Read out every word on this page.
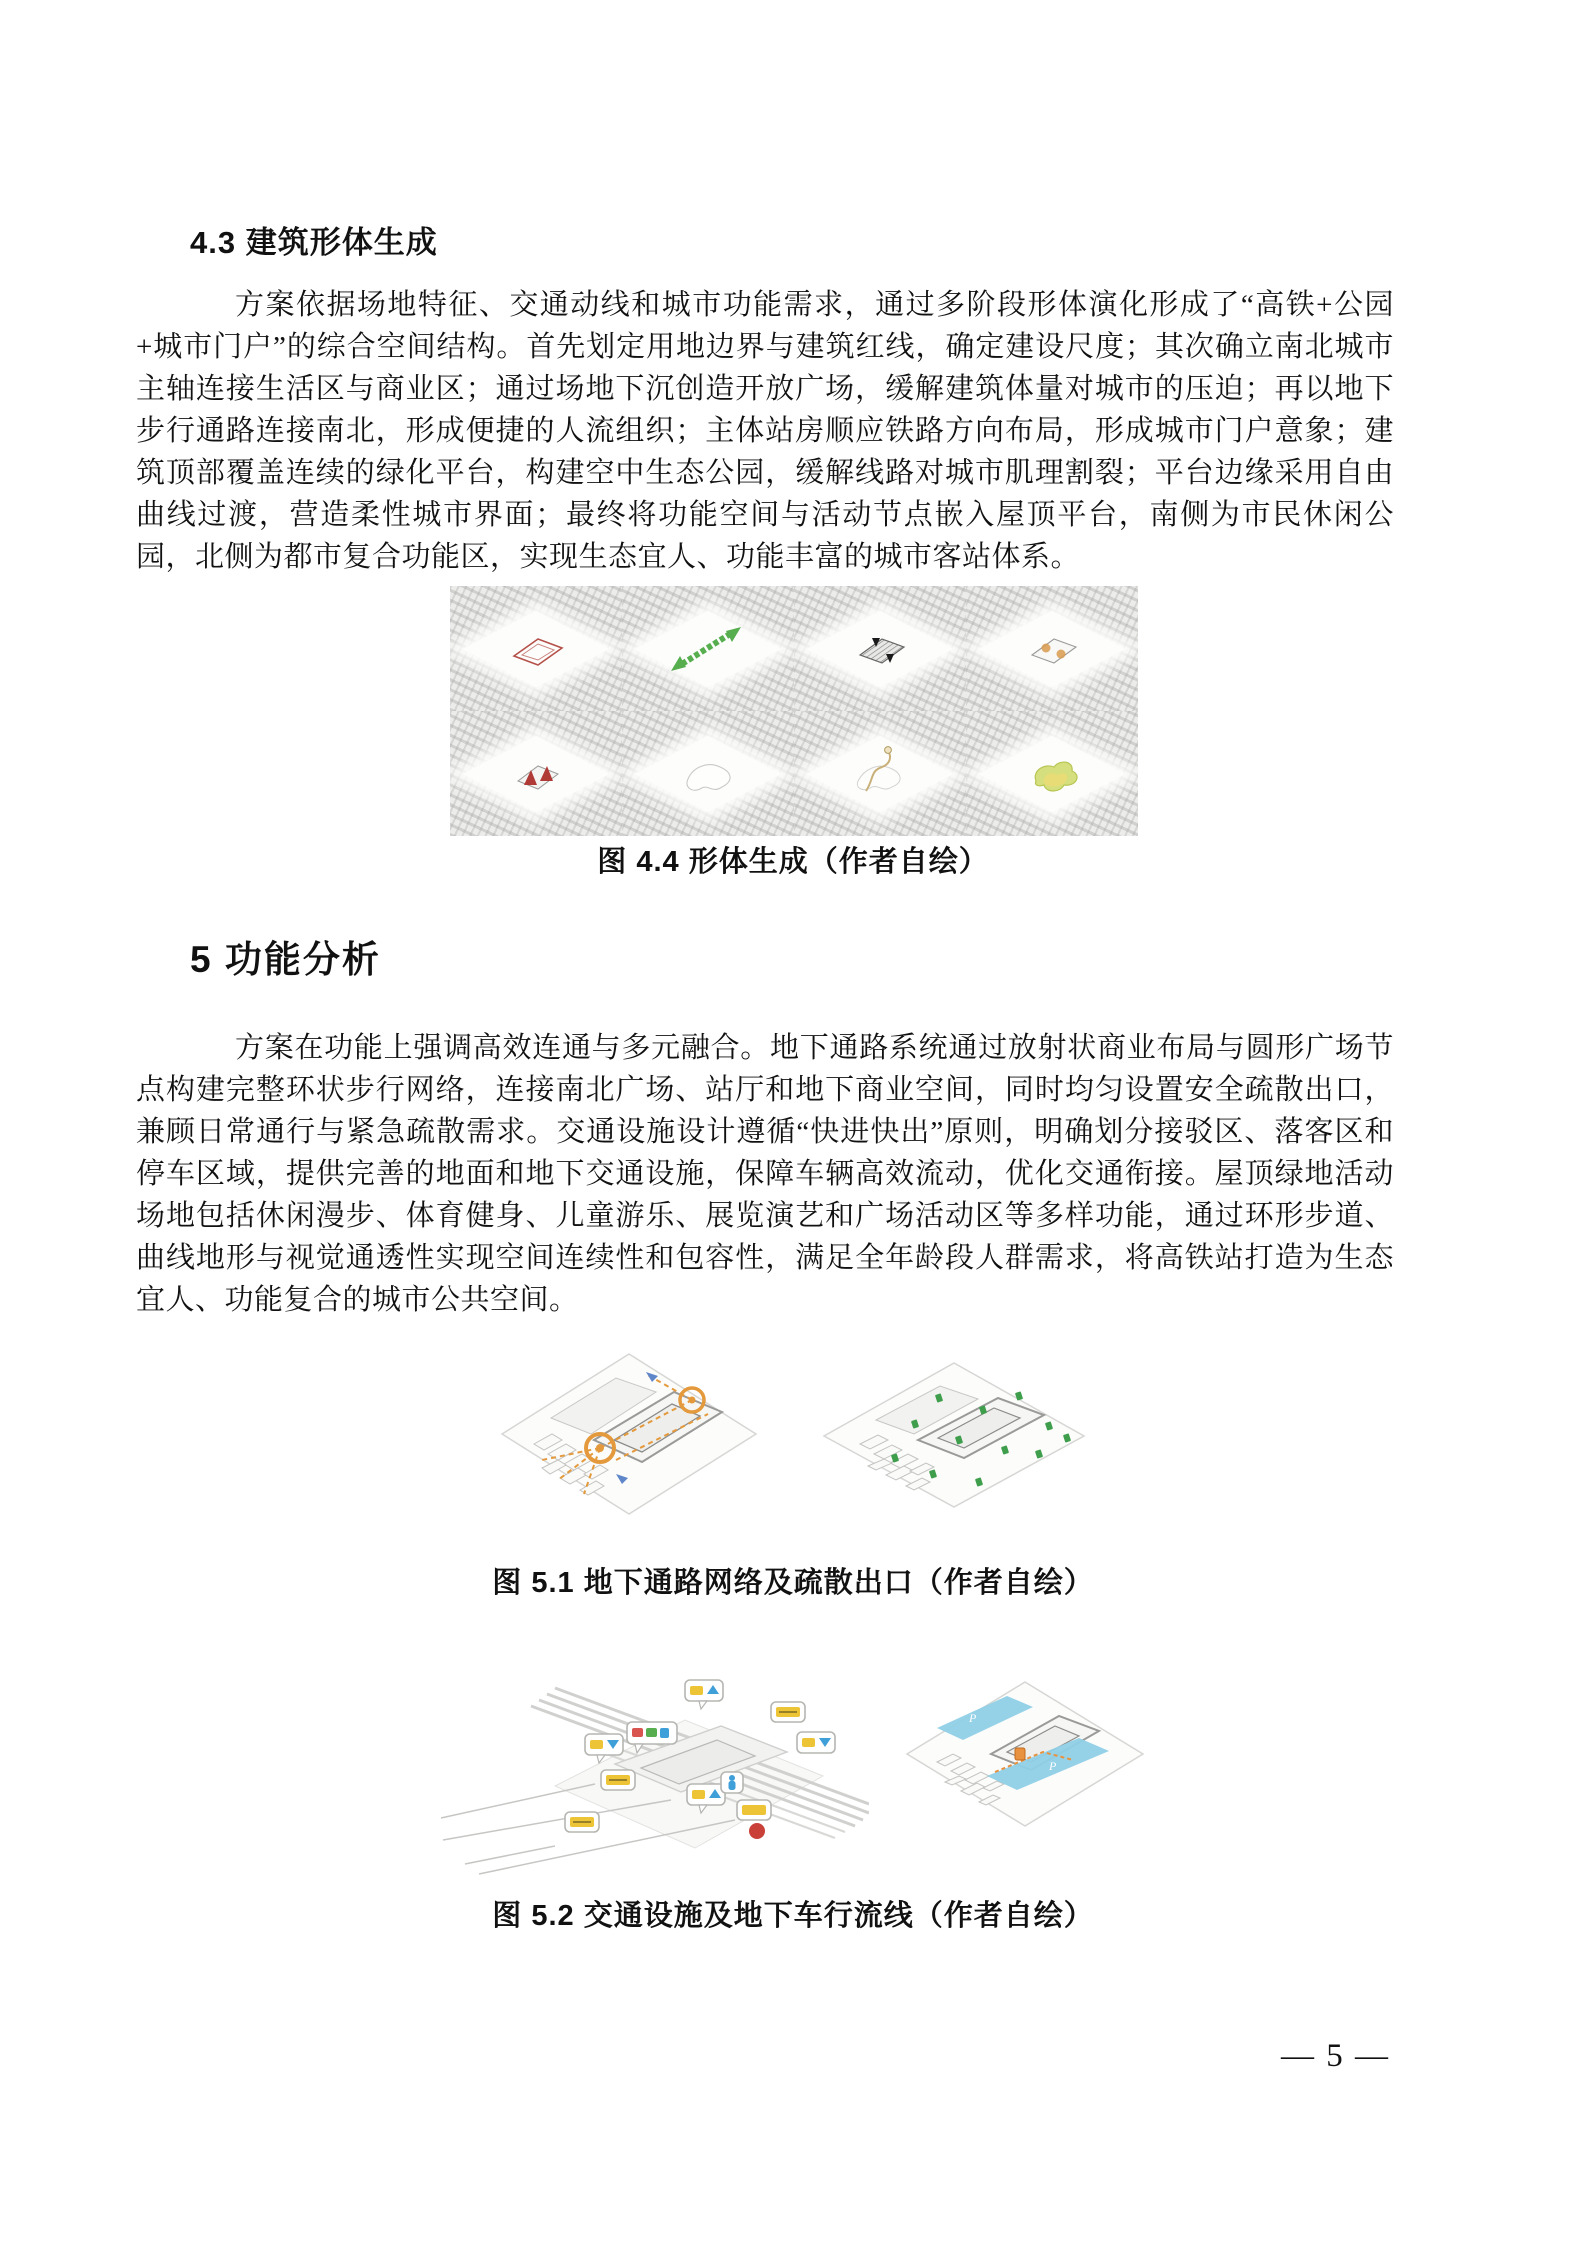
4.3 建筑形体生成
方案依据场地特征、交通动线和城市功能需求，通过多阶段形体演化形成了“高铁+公园+城市门户”的综合空间结构。首先划定用地边界与建筑红线，确定建设尺度；其次确立南北城市主轴连接生活区与商业区；通过场地下沉创造开放广场，缓解建筑体量对城市的压迫；再以地下步行通路连接南北，形成便捷的人流组织；主体站房顺应铁路方向布局，形成城市门户意象；建筑顶部覆盖连续的绿化平台，构建空中生态公园，缓解线路对城市肌理割裂；平台边缘采用自由曲线过渡，营造柔性城市界面；最终将功能空间与活动节点嵌入屋顶平台，南侧为市民休闲公园，北侧为都市复合功能区，实现生态宜人、功能丰富的城市客站体系。
图 4.4 形体生成（作者自绘）
5 功能分析
方案在功能上强调高效连通与多元融合。地下通路系统通过放射状商业布局与圆形广场节点构建完整环状步行网络，连接南北广场、站厅和地下商业空间，同时均匀设置安全疏散出口，兼顾日常通行与紧急疏散需求。交通设施设计遵循“快进快出”原则，明确划分接驳区、落客区和停车区域，提供完善的地面和地下交通设施，保障车辆高效流动，优化交通衔接。屋顶绿地活动场地包括休闲漫步、体育健身、儿童游乐、展览演艺和广场活动区等多样功能，通过环形步道、曲线地形与视觉通透性实现空间连续性和包容性，满足全年龄段人群需求，将高铁站打造为生态宜人、功能复合的城市公共空间。
图 5.1 地下通路网络及疏散出口（作者自绘）
P
P
图 5.2 交通设施及地下车行流线（作者自绘）
— 5 —
